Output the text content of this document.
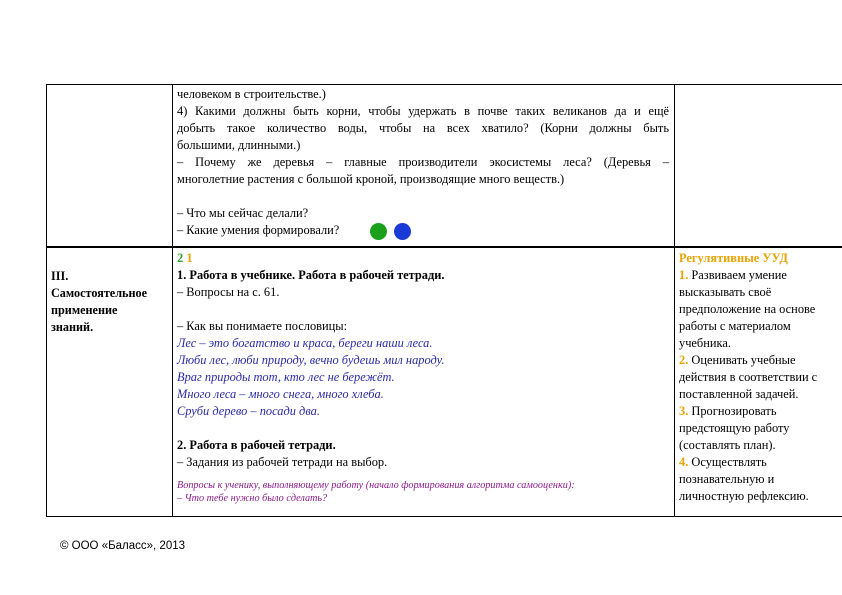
человеком в строительстве.)

4) Какими должны быть корни, чтобы удержать в почве таких великанов да и ещё

добыть такое количество воды, чтобы на всех хватило? (Корни должны быть

большими, длинными.)

– Почему же деревья – главные производители экосистемы леса? (Деревья –

многолетние растения с большой кроной, производящие много веществ.)

– Что мы сейчас делали?

– Какие умения формировали?

III.

Самостоятельное

применение

знаний.

2 1

1. Работа в учебнике. Работа в рабочей тетради.

– Вопросы на с. 61.

– Как вы понимаете пословицы:

Лес – это богатство и краса, береги наши леса.

Люби лес, люби природу, вечно будешь мил народу.

Враг природы тот, кто лес не бережёт.

Много леса – много снега, много хлеба.

Сруби дерево – посади два.

2. Работа в рабочей тетради.

– Задания из рабочей тетради на выбор.

Вопросы к ученику, выполняющему работу (начало формирования алгоритма самооценки):

– Что тебе нужно было сделать?

Регулятивные УУД

1. Развиваем умение

высказывать своё

предположение на основе

работы с материалом

учебника.

2. Оценивать учебные

действия в соответствии с

поставленной задачей.

3. Прогнозировать

предстоящую работу

(составлять план).

4. Осуществлять

познавательную и

личностную рефлексию.

© ООО «Баласс», 2013
